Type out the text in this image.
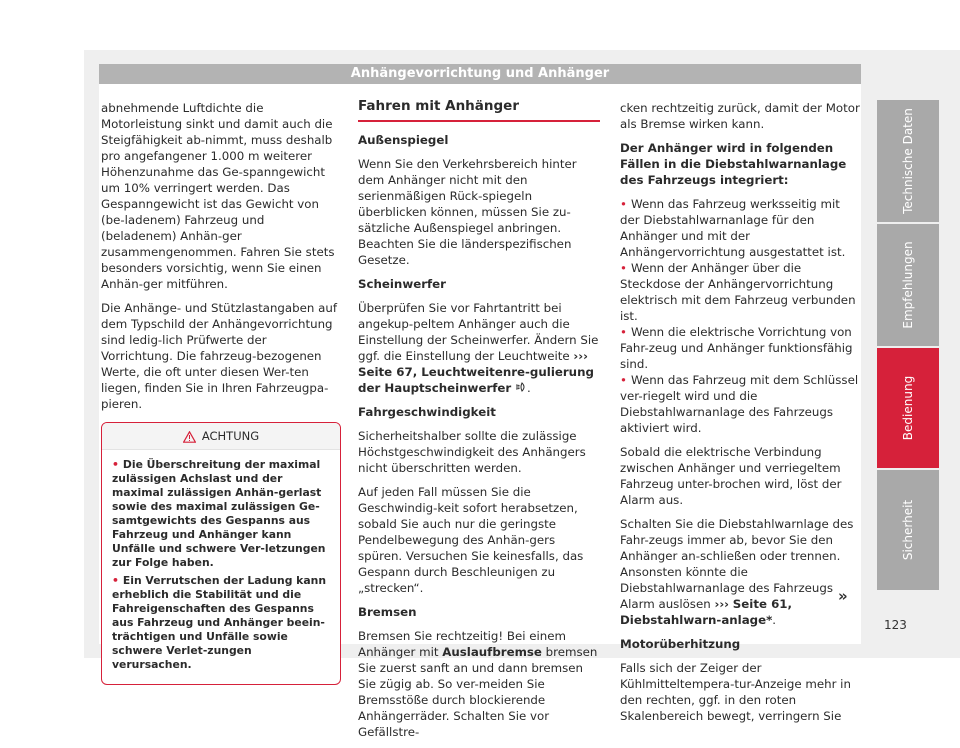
Anhängevorrichtung und Anhänger

abnehmende Luftdichte die Motorleistung sinkt und damit auch die Steigfähigkeit ab-nimmt, muss deshalb pro angefangener 1.000 m weiterer Höhenzunahme das Ge-spanngewicht um 10% verringert werden. Das Gespanngewicht ist das Gewicht von (be-ladenem) Fahrzeug und (beladenem) Anhän-ger zusammengenommen. Fahren Sie stets besonders vorsichtig, wenn Sie einen Anhän-ger mitführen.

Die Anhänge- und Stützlastangaben auf dem Typschild der Anhängevorrichtung sind ledig-lich Prüfwerte der Vorrichtung. Die fahrzeug-bezogenen Werte, die oft unter diesen Wer-ten liegen, finden Sie in Ihren Fahrzeugpa-pieren.

ACHTUNG
• Die Überschreitung der maximal zulässigen Achslast und der maximal zulässigen Anhän-gerlast sowie des maximal zulässigen Ge-samtgewichts des Gespanns aus Fahrzeug und Anhänger kann Unfälle und schwere Ver-letzungen zur Folge haben.
• Ein Verrutschen der Ladung kann erheblich die Stabilität und die Fahreigenschaften des Gespanns aus Fahrzeug und Anhänger beein-trächtigen und Unfälle sowie schwere Verlet-zungen verursachen.
Fahren mit Anhänger

Außenspiegel

Wenn Sie den Verkehrsbereich hinter dem Anhänger nicht mit den serienmäßigen Rück-spiegeln überblicken können, müssen Sie zu-sätzliche Außenspiegel anbringen. Beachten Sie die länderspezifischen Gesetze.

Scheinwerfer

Überprüfen Sie vor Fahrtantritt bei angekup-peltem Anhänger auch die Einstellung der Scheinwerfer. Ändern Sie ggf. die Einstellung der Leuchtweite ››› Seite 67, Leuchtweitenre-gulierung der Hauptscheinwerfer .

Fahrgeschwindigkeit

Sicherheitshalber sollte die zulässige Höchstgeschwindigkeit des Anhängers nicht überschritten werden.

Auf jeden Fall müssen Sie die Geschwindig-keit sofort herabsetzen, sobald Sie auch nur die geringste Pendelbewegung des Anhän-gers spüren. Versuchen Sie keinesfalls, das Gespann durch Beschleunigen zu „strecken“.

Bremsen

Bremsen Sie rechtzeitig! Bei einem Anhänger mit Auslaufbremse bremsen Sie zuerst sanft an und dann bremsen Sie zügig ab. So ver-meiden Sie Bremsstöße durch blockierende Anhängerräder. Schalten Sie vor Gefällstre-

cken rechtzeitig zurück, damit der Motor als Bremse wirken kann.

Der Anhänger wird in folgenden Fällen in die Diebstahlwarnanlage des Fahrzeugs integriert:

• Wenn das Fahrzeug werksseitig mit der Diebstahlwarnanlage für den Anhänger und mit der Anhängervorrichtung ausgestattet ist.
• Wenn der Anhänger über die Steckdose der Anhängervorrichtung elektrisch mit dem Fahrzeug verbunden ist.
• Wenn die elektrische Vorrichtung von Fahr-zeug und Anhänger funktionsfähig sind.
• Wenn das Fahrzeug mit dem Schlüssel ver-riegelt wird und die Diebstahlwarnanlage des Fahrzeugs aktiviert wird.

Sobald die elektrische Verbindung zwischen Anhänger und verriegeltem Fahrzeug unter-brochen wird, löst der Alarm aus.

Schalten Sie die Diebstahlwarnlage des Fahr-zeugs immer ab, bevor Sie den Anhänger an-schließen oder trennen. Ansonsten könnte die Diebstahlwarnanlage des Fahrzeugs Alarm auslösen ››› Seite 61, Diebstahlwarn-anlage*.

Motorüberhitzung

Falls sich der Zeiger der Kühlmitteltempera-tur-Anzeige mehr in den rechten, ggf. in den roten Skalenbereich bewegt, verringern Sie

»
Technische Daten
Empfehlungen
Bedienung
Sicherheit
123
